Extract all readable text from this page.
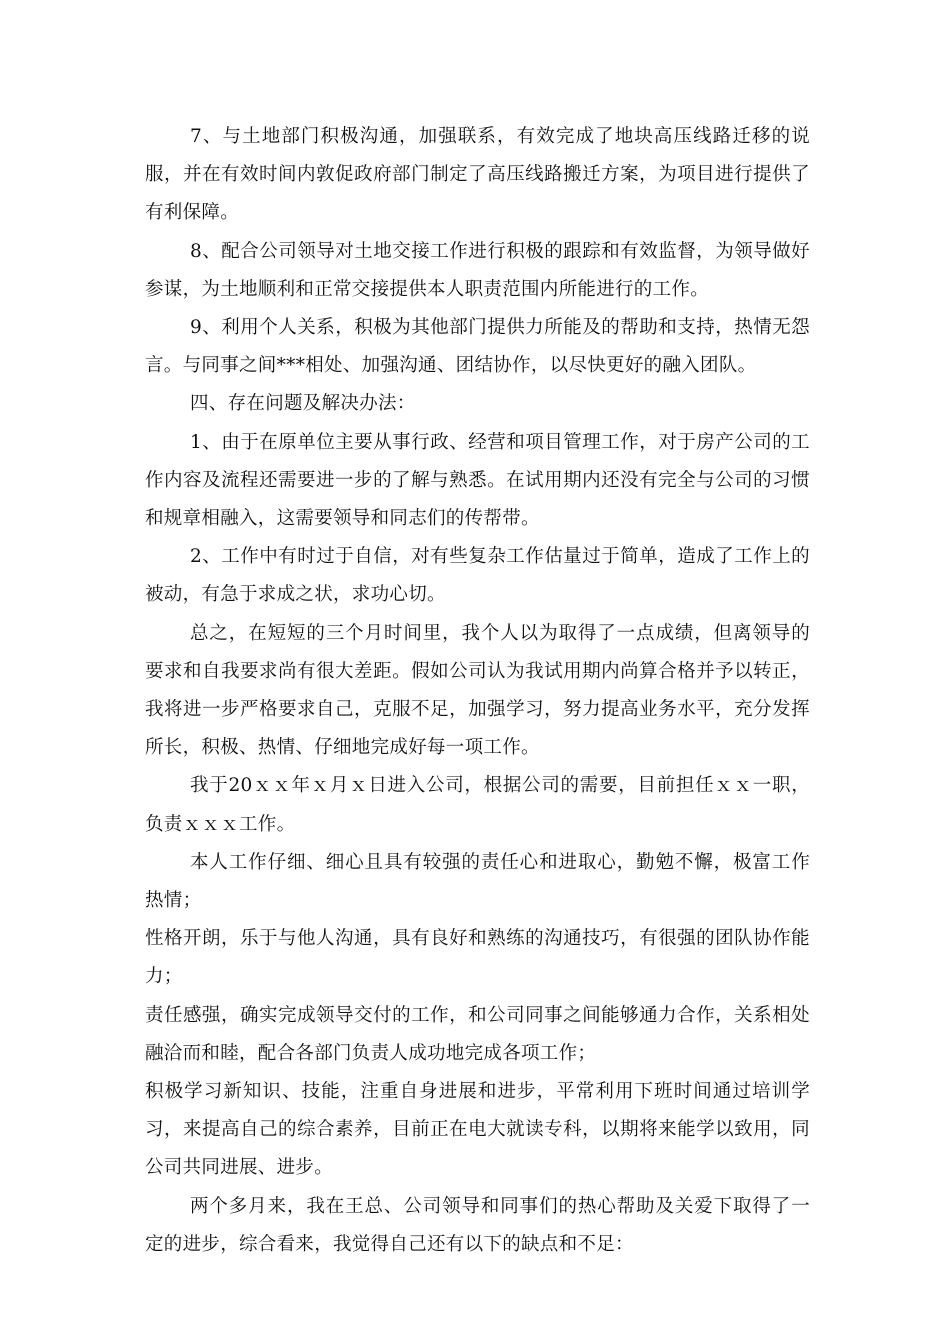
7、与土地部门积极沟通，加强联系，有效完成了地块高压线路迁移的说服，并在有效时间内敦促政府部门制定了高压线路搬迁方案，为项目进行提供了有利保障。

8、配合公司领导对土地交接工作进行积极的跟踪和有效监督，为领导做好参谋，为土地顺利和正常交接提供本人职责范围内所能进行的工作。

9、利用个人关系，积极为其他部门提供力所能及的帮助和支持，热情无怨言。与同事之间***相处、加强沟通、团结协作，以尽快更好的融入团队。

四、存在问题及解决办法：

1、由于在原单位主要从事行政、经营和项目管理工作，对于房产公司的工作内容及流程还需要进一步的了解与熟悉。在试用期内还没有完全与公司的习惯和规章相融入，这需要领导和同志们的传帮带。

2、工作中有时过于自信，对有些复杂工作估量过于简单，造成了工作上的被动，有急于求成之状，求功心切。

总之，在短短的三个月时间里，我个人以为取得了一点成绩，但离领导的要求和自我要求尚有很大差距。假如公司认为我试用期内尚算合格并予以转正，我将进一步严格要求自己，克服不足，加强学习，努力提高业务水平，充分发挥所长，积极、热情、仔细地完成好每一项工作。

我于20ｘｘ年ｘ月ｘ日进入公司，根据公司的需要，目前担任ｘｘ一职，负责ｘｘｘ工作。

本人工作仔细、细心且具有较强的责任心和进取心，勤勉不懈，极富工作热情；

性格开朗，乐于与他人沟通，具有良好和熟练的沟通技巧，有很强的团队协作能力；

责任感强，确实完成领导交付的工作，和公司同事之间能够通力合作，关系相处融洽而和睦，配合各部门负责人成功地完成各项工作；

积极学习新知识、技能，注重自身进展和进步，平常利用下班时间通过培训学习，来提高自己的综合素养，目前正在电大就读专科，以期将来能学以致用，同公司共同进展、进步。

两个多月来，我在王总、公司领导和同事们的热心帮助及关爱下取得了一定的进步，综合看来，我觉得自己还有以下的缺点和不足：
